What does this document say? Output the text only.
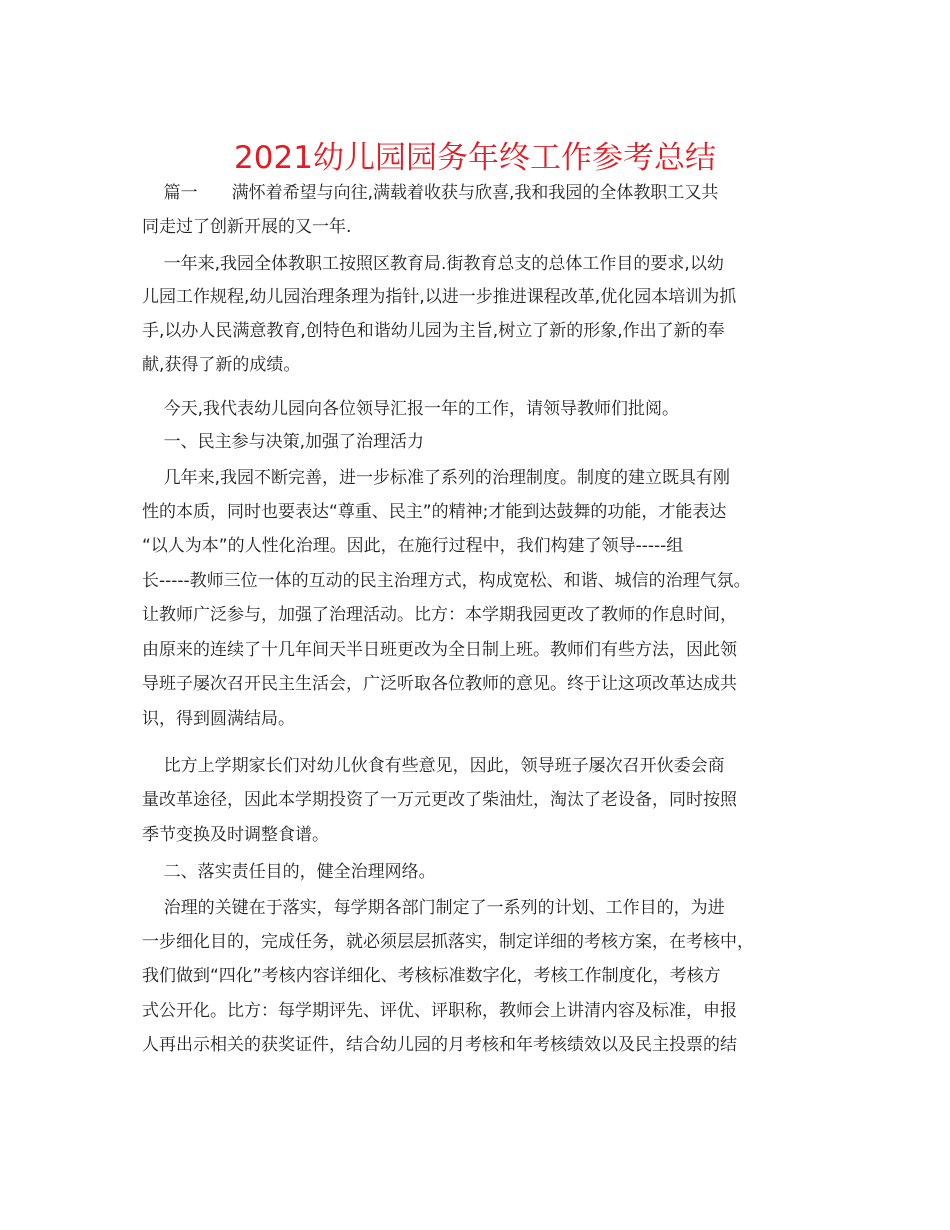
2021幼儿园园务年终工作参考总结
篇一　　满怀着希望与向往,满载着收获与欣喜,我和我园的全体教职工又共
同走过了创新开展的又一年.
一年来,我园全体教职工按照区教育局.街教育总支的总体工作目的要求,以幼
儿园工作规程,幼儿园治理条理为指针,以进一步推进课程改革,优化园本培训为抓
手,以办人民满意教育,创特色和谐幼儿园为主旨,树立了新的形象,作出了新的奉
献,获得了新的成绩。
今天,我代表幼儿园向各位领导汇报一年的工作，请领导教师们批阅。
一、民主参与决策,加强了治理活力
几年来,我园不断完善，进一步标准了系列的治理制度。制度的建立既具有刚
性的本质，同时也要表达“尊重、民主”的精神;才能到达鼓舞的功能，才能表达
“以人为本”的人性化治理。因此，在施行过程中，我们构建了领导-----组
长-----教师三位一体的互动的民主治理方式，构成宽松、和谐、城信的治理气氛。
让教师广泛参与，加强了治理活动。比方：本学期我园更改了教师的作息时间，
由原来的连续了十几年间天半日班更改为全日制上班。教师们有些方法，因此领
导班子屡次召开民主生活会，广泛听取各位教师的意见。终于让这项改革达成共
识，得到圆满结局。
比方上学期家长们对幼儿伙食有些意见，因此，领导班子屡次召开伙委会商
量改革途径，因此本学期投资了一万元更改了柴油灶，淘汰了老设备，同时按照
季节变换及时调整食谱。
二、落实责任目的，健全治理网络。
治理的关键在于落实，每学期各部门制定了一系列的计划、工作目的，为进
一步细化目的，完成任务，就必须层层抓落实，制定详细的考核方案，在考核中，
我们做到“四化”考核内容详细化、考核标准数字化，考核工作制度化，考核方
式公开化。比方：每学期评先、评优、评职称，教师会上讲清内容及标准，申报
人再出示相关的获奖证件，结合幼儿园的月考核和年考核绩效以及民主投票的结
